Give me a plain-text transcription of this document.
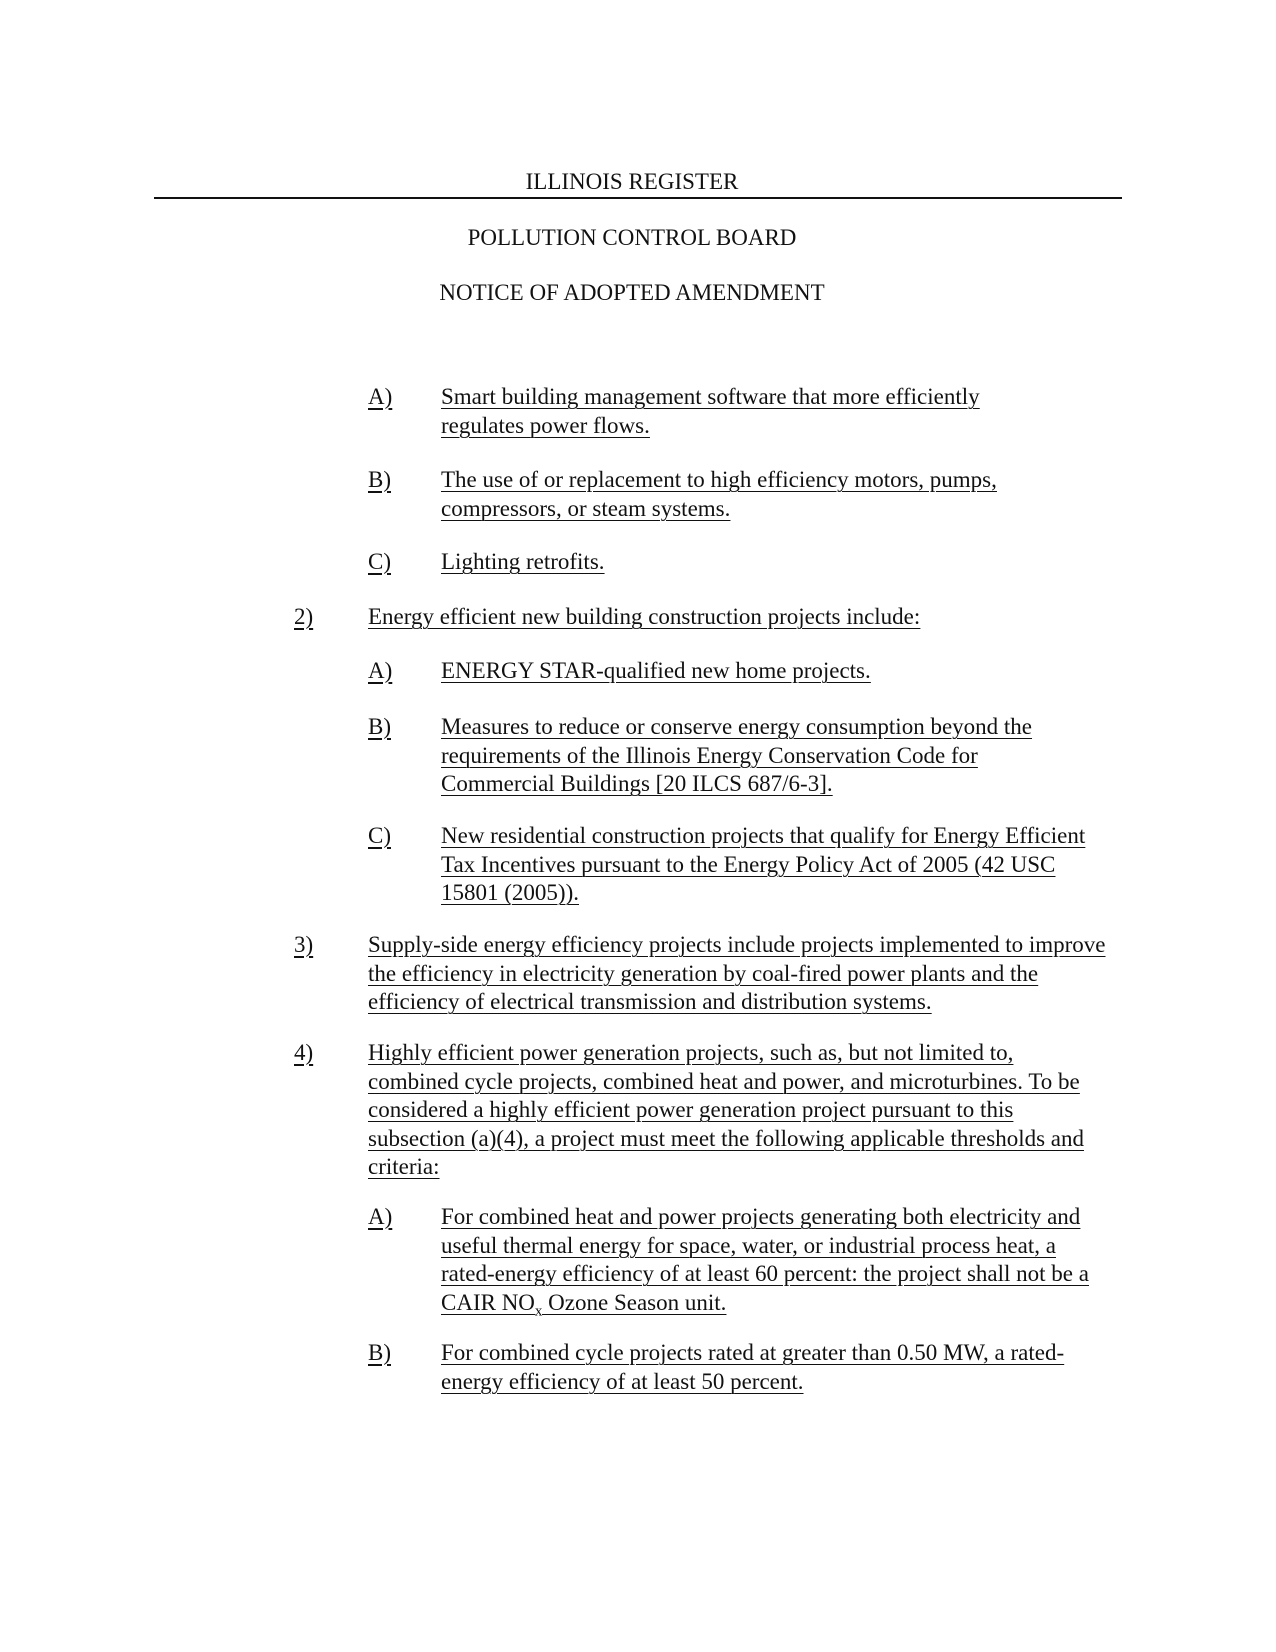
ILLINOIS REGISTER
POLLUTION CONTROL BOARD
NOTICE OF ADOPTED AMENDMENT
A) Smart building management software that more efficiently regulates power flows.
B) The use of or replacement to high efficiency motors, pumps, compressors, or steam systems.
C) Lighting retrofits.
2) Energy efficient new building construction projects include:
A) ENERGY STAR-qualified new home projects.
B) Measures to reduce or conserve energy consumption beyond the requirements of the Illinois Energy Conservation Code for Commercial Buildings [20 ILCS 687/6-3].
C) New residential construction projects that qualify for Energy Efficient Tax Incentives pursuant to the Energy Policy Act of 2005 (42 USC 15801 (2005)).
3) Supply-side energy efficiency projects include projects implemented to improve the efficiency in electricity generation by coal-fired power plants and the efficiency of electrical transmission and distribution systems.
4) Highly efficient power generation projects, such as, but not limited to, combined cycle projects, combined heat and power, and microturbines. To be considered a highly efficient power generation project pursuant to this subsection (a)(4), a project must meet the following applicable thresholds and criteria:
A) For combined heat and power projects generating both electricity and useful thermal energy for space, water, or industrial process heat, a rated-energy efficiency of at least 60 percent: the project shall not be a CAIR $NO_x$ Ozone Season unit.
B) For combined cycle projects rated at greater than 0.50 MW, a rated-energy efficiency of at least 50 percent.
